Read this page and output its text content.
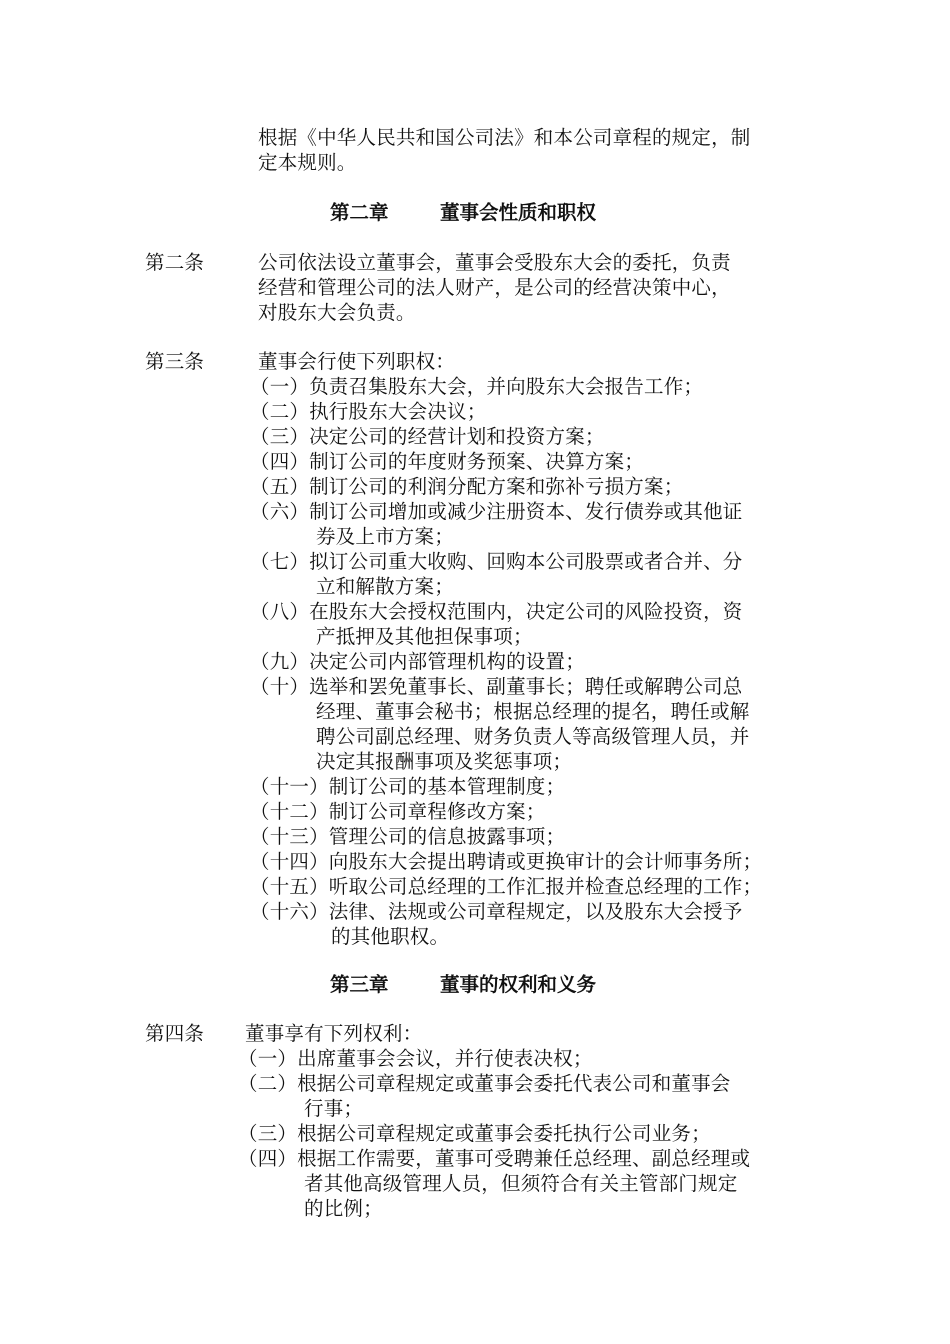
根据《中华人民共和国公司法》和本公司章程的规定，制
定本规则。
第二章	董事会性质和职权
第二条	公司依法设立董事会，董事会受股东大会的委托，负责
经营和管理公司的法人财产，是公司的经营决策中心，
对股东大会负责。
第三条	董事会行使下列职权：
（一）负责召集股东大会，并向股东大会报告工作；
（二）执行股东大会决议；
（三）决定公司的经营计划和投资方案；
（四）制订公司的年度财务预案、决算方案；
（五）制订公司的利润分配方案和弥补亏损方案；
（六）制订公司增加或减少注册资本、发行债券或其他证
券及上市方案；
（七）拟订公司重大收购、回购本公司股票或者合并、分
立和解散方案；
（八）在股东大会授权范围内，决定公司的风险投资，资
产抵押及其他担保事项；
（九）决定公司内部管理机构的设置；
（十）选举和罢免董事长、副董事长；聘任或解聘公司总
经理、董事会秘书；根据总经理的提名，聘任或解
聘公司副总经理、财务负责人等高级管理人员，并
决定其报酬事项及奖惩事项；
（十一）制订公司的基本管理制度；
（十二）制订公司章程修改方案；
（十三）管理公司的信息披露事项；
（十四）向股东大会提出聘请或更换审计的会计师事务所；
（十五）听取公司总经理的工作汇报并检查总经理的工作；
（十六）法律、法规或公司章程规定，以及股东大会授予
的其他职权。
第三章	董事的权利和义务
第四条 董事享有下列权利：
（一）出席董事会会议，并行使表决权；
（二）根据公司章程规定或董事会委托代表公司和董事会
行事；
（三）根据公司章程规定或董事会委托执行公司业务；
（四）根据工作需要，董事可受聘兼任总经理、副总经理或
者其他高级管理人员，但须符合有关主管部门规定
的比例；
